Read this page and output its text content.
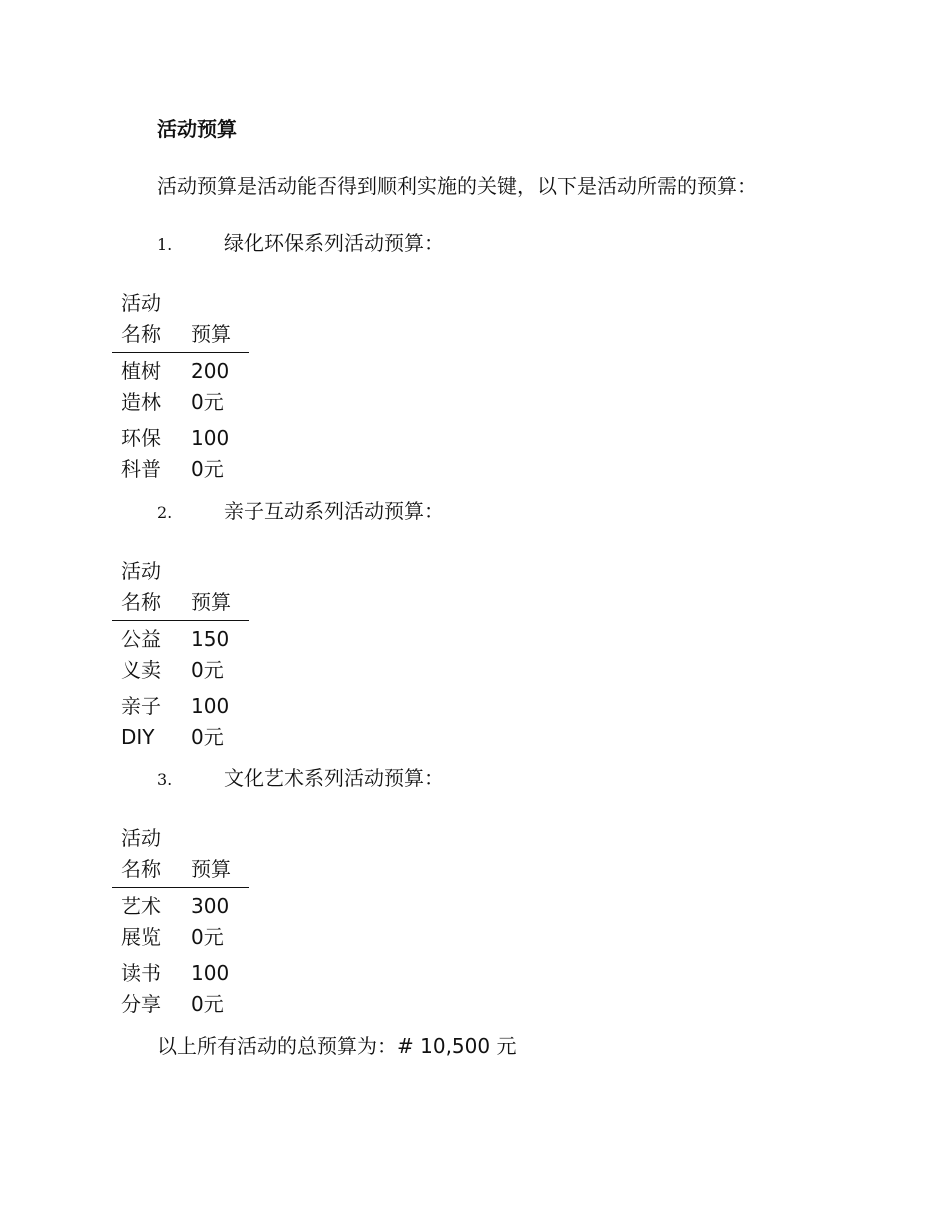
活动预算

活动预算是活动能否得到顺利实施的关键，以下是活动所需的预算：

1.	绿化环保系列活动预算：
活动名称	预算
植树造林	2000元
环保科普	1000元
2.	亲子互动系列活动预算：
活动名称	预算
公益义卖	1500元
亲子DIY	1000元
3.	文化艺术系列活动预算：
活动名称	预算
艺术展览	3000元
读书分享	1000元

以上所有活动的总预算为：# 10,500 元
